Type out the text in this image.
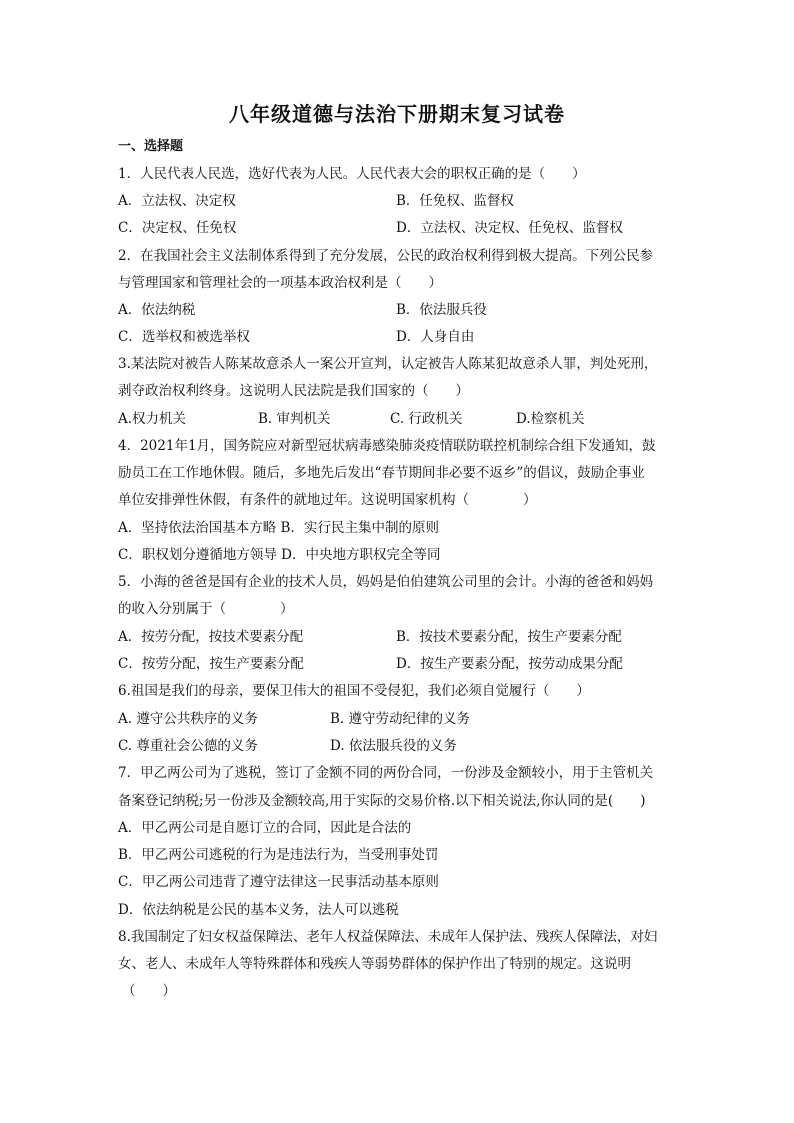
八年级道德与法治下册期末复习试卷
一、选择题
1．人民代表人民选，选好代表为人民。人民代表大会的职权正确的是（　　）
A．立法权、决定权	B．任免权、监督权
C．决定权、任免权	D．立法权、决定权、任免权、监督权
2．在我国社会主义法制体系得到了充分发展，公民的政治权利得到极大提高。下列公民参
与管理国家和管理社会的一项基本政治权利是（　　）
A．依法纳税	B．依法服兵役
C．选举权和被选举权	D．人身自由
3.某法院对被告人陈某故意杀人一案公开宣判，认定被告人陈某犯故意杀人罪，判处死刑，
剥夺政治权利终身。这说明人民法院是我们国家的（　　）
A.权力机关	B. 审判机关	C. 行政机关	D.检察机关
4．2021年1月，国务院应对新型冠状病毒感染肺炎疫情联防联控机制综合组下发通知，鼓
励员工在工作地休假。随后，多地先后发出“春节期间非必要不返乡”的倡议，鼓励企事业
单位安排弹性休假，有条件的就地过年。这说明国家机构（　　　　）
A．坚持依法治国基本方略 B．实行民主集中制的原则
C．职权划分遵循地方领导 D．中央地方职权完全等同
5．小海的爸爸是国有企业的技术人员，妈妈是伯伯建筑公司里的会计。小海的爸爸和妈妈
的收入分别属于（　　　　）
A．按劳分配，按技术要素分配	B．按技术要素分配，按生产要素分配
C．按劳分配，按生产要素分配	D．按生产要素分配，按劳动成果分配
6.祖国是我们的母亲，要保卫伟大的祖国不受侵犯，我们必须自觉履行（　　）
A. 遵守公共秩序的义务	B. 遵守劳动纪律的义务
C. 尊重社会公德的义务	D. 依法服兵役的义务
7．甲乙两公司为了逃税，签订了金额不同的两份合同，一份涉及金额较小，用于主管机关
备案登记纳税;另一份涉及金额较高,用于实际的交易价格.以下相关说法,你认同的是(　　)
A．甲乙两公司是自愿订立的合同，因此是合法的
B．甲乙两公司逃税的行为是违法行为，当受刑事处罚
C．甲乙两公司违背了遵守法律这一民事活动基本原则
D．依法纳税是公民的基本义务，法人可以逃税
8.我国制定了妇女权益保障法、老年人权益保障法、未成年人保护法、残疾人保障法，对妇
女、老人、未成年人等特殊群体和残疾人等弱势群体的保护作出了特别的规定。这说明
（　　）
